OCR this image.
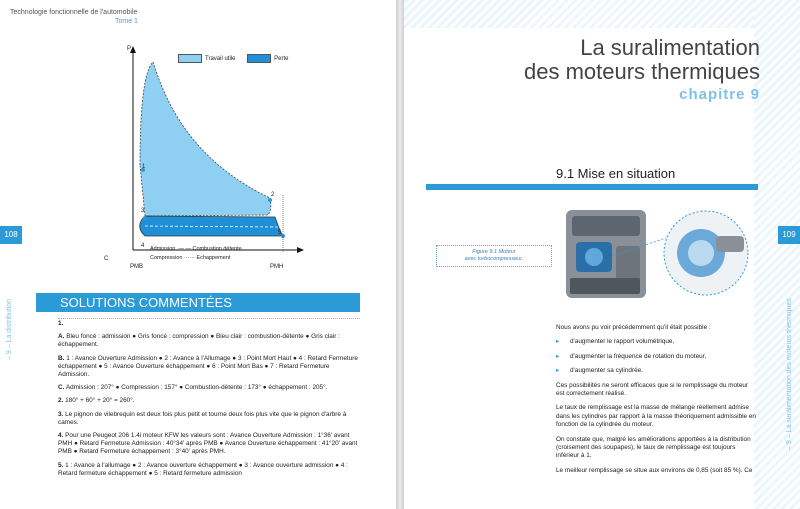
Technologie fonctionnelle de l'automobile
Tome 1
108
– 9 – La distribution
P
Travail utile	Perte
1
2
3
4
5
C
PMB	PMH
Admission  — — Combustion détente
Compression ······ Echappement
SOLUTIONS COMMENTÉES

1.

A. Bleu foncé : admission ● Gris foncé : compression ● Bleu clair : combustion-détente ● Gris clair : échappement.

B. 1 : Avance Ouverture Admission ● 2 : Avance à l'Allumage ● 3 : Point Mort Haut ● 4 : Retard Fermeture échappement ● 5 : Avance Ouverture échappement ● 6 : Point Mort Bas ● 7 : Retard Fermeture Admission.

C. Admission : 207° ● Compression : 157° ● Combustion-détente : 173° ● échappement : 205°.

2. 180° + 60° + 20° = 260°.

3. Le pignon de vilebrequin est deux fois plus petit et tourne deux fois plus vite que le pignon d'arbre à cames.

4. Pour une Peugeot 206 1.4i moteur KFW les valeurs sont : Avance Ouverture Admission : 1°36' avant PMH ● Retard Fermeture Admission : 40°34' après PMB ● Avance Ouverture échappement : 41°20' avant PMB ● Retard Fermeture échappement : 3°40' après PMH.

5. 1 : Avance à l'allumage ● 2 : Avance ouverture échappement ● 3 : Avance ouverture admission ● 4 : Retard fermeture échappement ● 5 : Retard fermeture admission

La suralimentation
des moteurs thermiques
chapitre 9
9.1 Mise en situation
Figure 9.1 Moteur
avec turbocompresseur.
109
– 9 – La suralimentation des moteurs thermiques

Nous avons pu voir précédemment qu'il était possible :

▸ d'augmenter le rapport volumétrique,
▸ d'augmenter la fréquence de rotation du moteur,
▸ d'augmenter sa cylindrée.

Ces possibilités ne seront efficaces que si le remplissage du moteur est correctement réalisé.

Le taux de remplissage est la masse de mélange réellement admise dans les cylindres par rapport à la masse théoriquement admissible en fonction de la cylindrée du moteur.

On constate que, malgré les améliorations apportées à la distribution (croisement des soupapes), le taux de remplissage est toujours inférieur à 1.

Le meilleur remplissage se situe aux environs de 0,85 (soit 85 %). Ce
